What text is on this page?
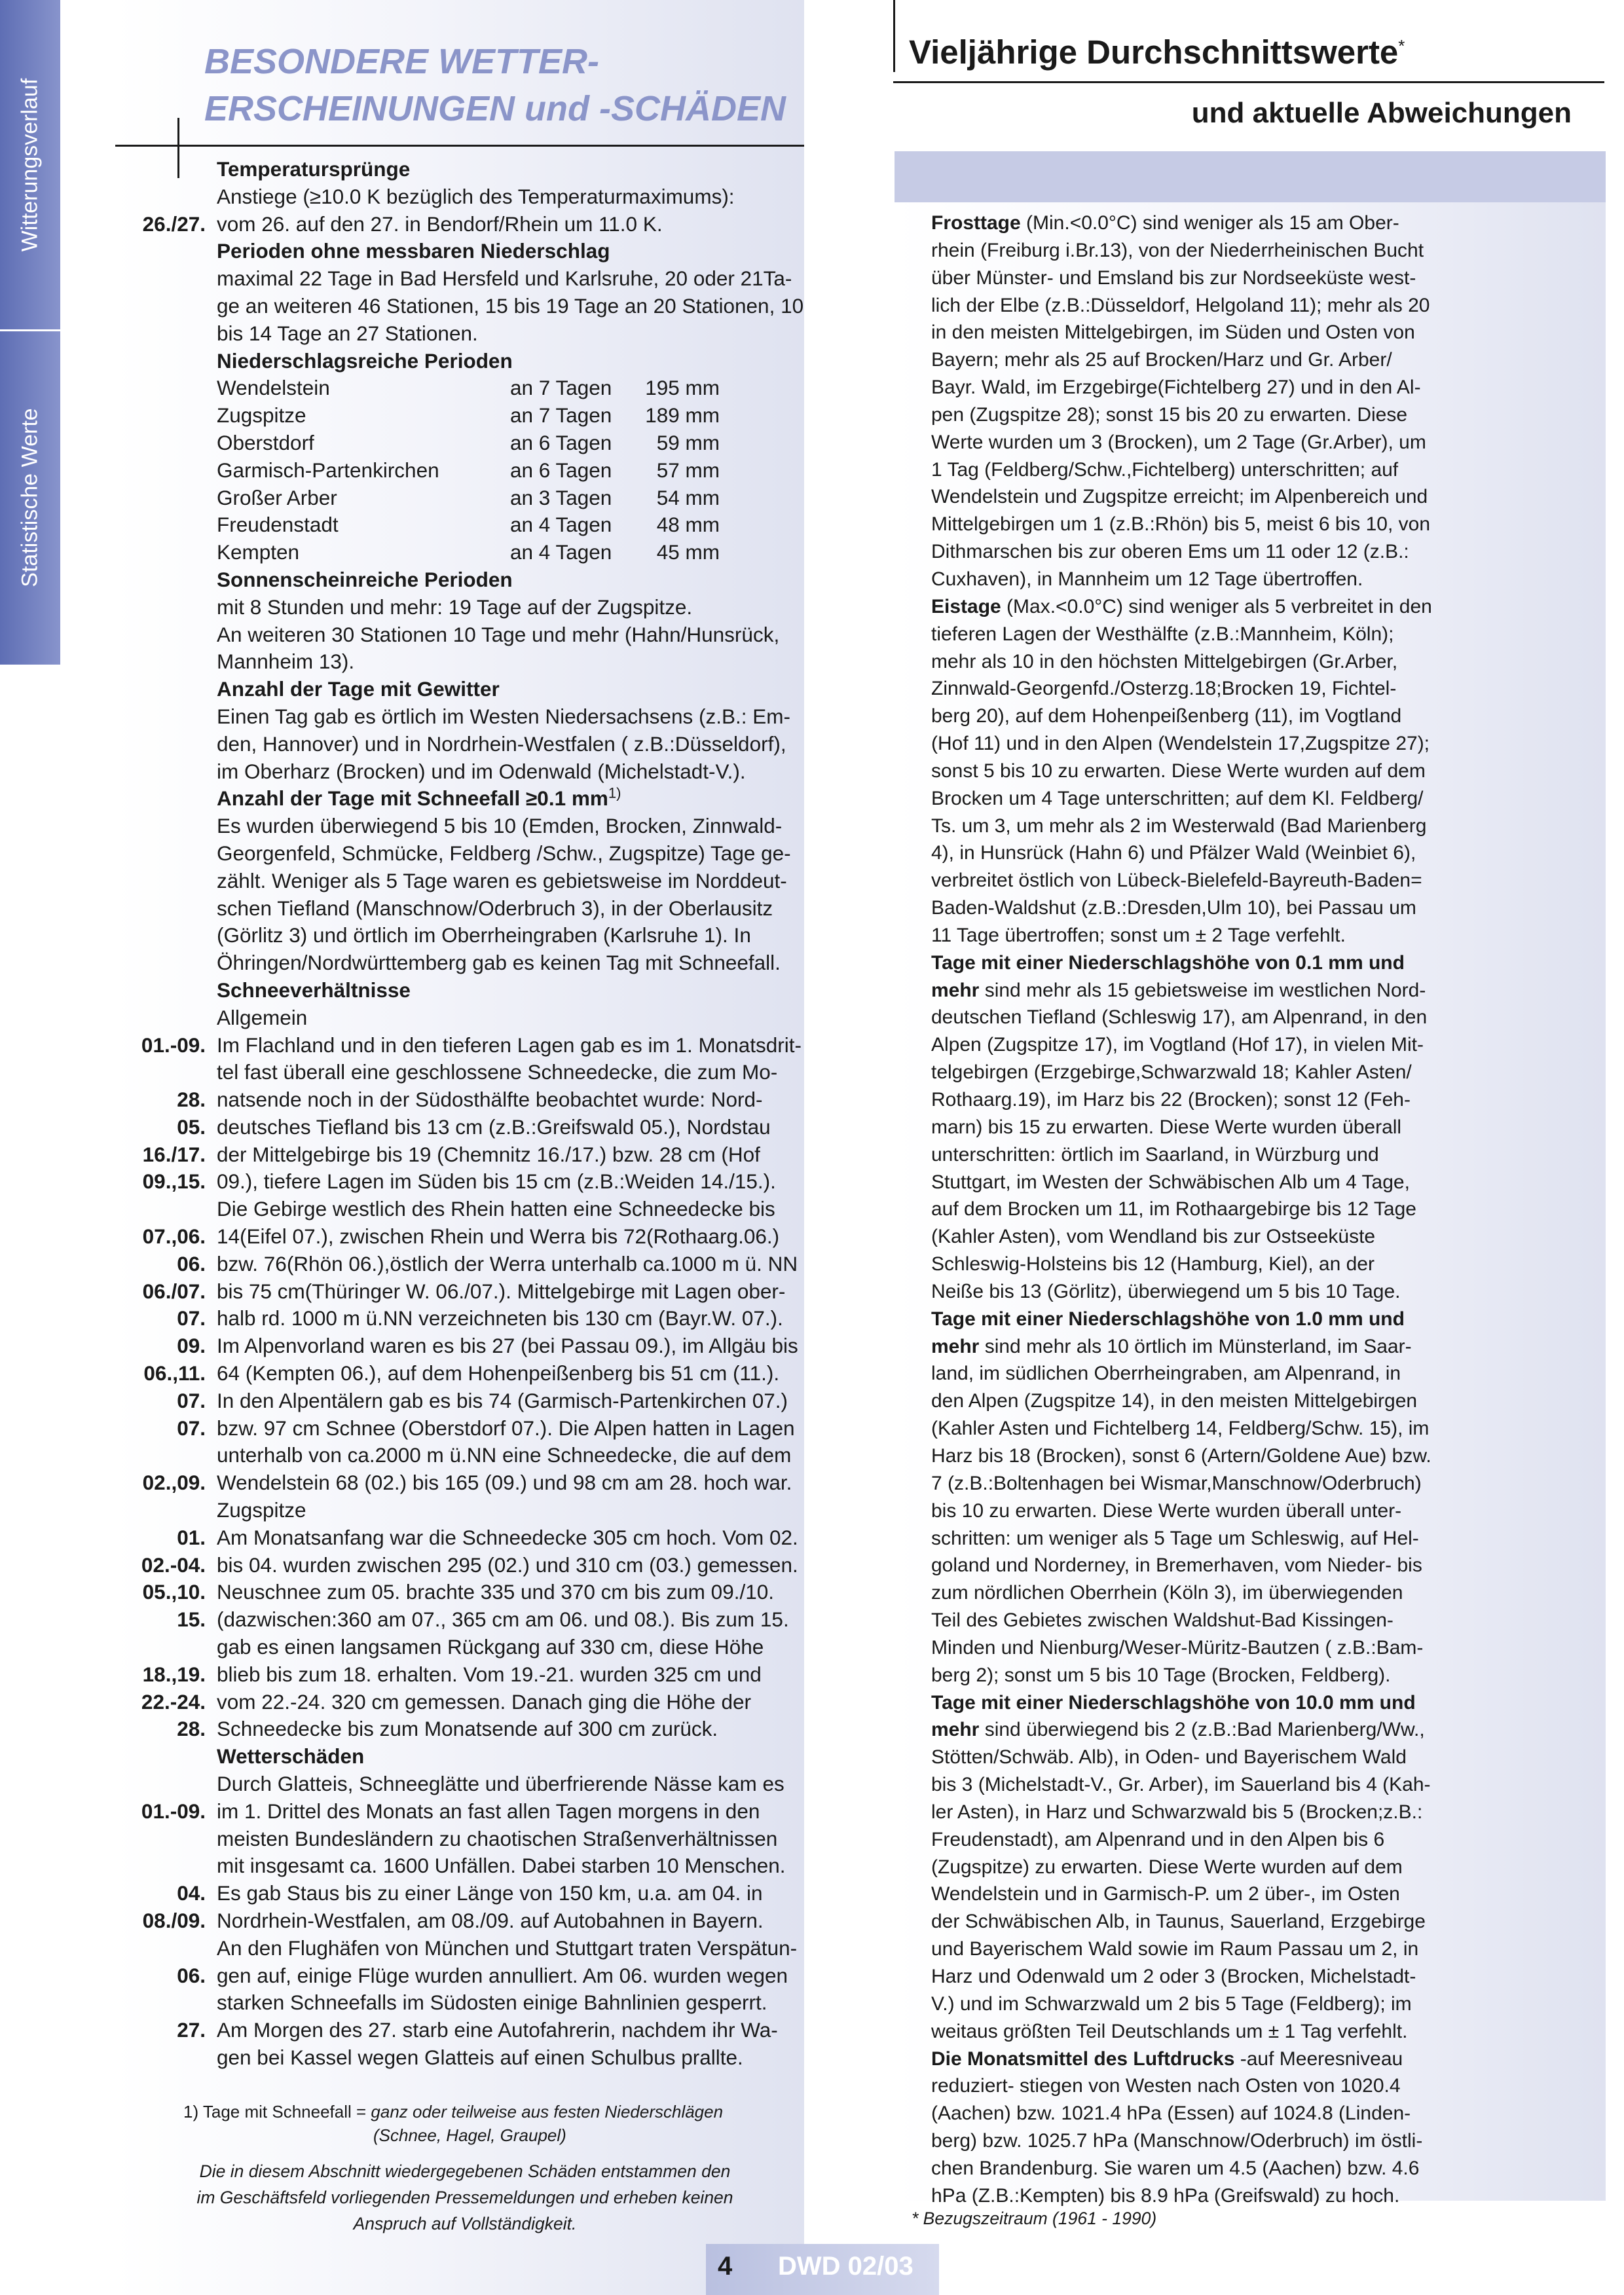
Witterungsverlauf
Statistische Werte
BESONDERE WETTER-
ERSCHEINUNGEN und -SCHÄDEN
Temperatursprünge
Anstiege (≥10.0 K bezüglich des Temperaturmaximums):
26./27. vom 26. auf den 27. in Bendorf/Rhein um 11.0 K.
Perioden ohne messbaren Niederschlag
maximal 22 Tage in Bad Hersfeld und Karlsruhe, 20 oder 21Ta-
ge an weiteren 46 Stationen, 15 bis 19 Tage an 20 Stationen, 10
bis 14 Tage an 27 Stationen.
Niederschlagsreiche Perioden
Wendelstein	an 7 Tagen 195 mm
Zugspitze	an 7 Tagen 189 mm
Oberstdorf	an 6 Tagen 59 mm
Garmisch-Partenkirchen	an 6 Tagen 57 mm
Großer Arber	an 3 Tagen 54 mm
Freudenstadt	an 4 Tagen 48 mm
Kempten	an 4 Tagen 45 mm
Sonnenscheinreiche Perioden
mit 8 Stunden und mehr: 19 Tage auf der Zugspitze.
An weiteren 30 Stationen 10 Tage und mehr (Hahn/Hunsrück,
Mannheim 13).
Anzahl der Tage mit Gewitter
Einen Tag gab es örtlich im Westen Niedersachsens (z.B.: Em-
den, Hannover) und in Nordrhein-Westfalen ( z.B.:Düsseldorf),
im Oberharz (Brocken) und im Odenwald (Michelstadt-V.).
Anzahl der Tage mit Schneefall ≥0.1 $mm^{1)}$
Es wurden überwiegend 5 bis 10 (Emden, Brocken, Zinnwald-
Georgenfeld, Schmücke, Feldberg /Schw., Zugspitze) Tage ge-
zählt. Weniger als 5 Tage waren es gebietsweise im Norddeut-
schen Tiefland (Manschnow/Oderbruch 3), in der Oberlausitz
(Görlitz 3) und örtlich im Oberrheingraben (Karlsruhe 1). In
Öhringen/Nordwürttemberg gab es keinen Tag mit Schneefall.
Schneeverhältnisse
Allgemein
01.-09. Im Flachland und in den tieferen Lagen gab es im 1. Monatsdrit-
tel fast überall eine geschlossene Schneedecke, die zum Mo-
28. natsende noch in der Südosthälfte beobachtet wurde: Nord-
05. deutsches Tiefland bis 13 cm (z.B.:Greifswald 05.), Nordstau
16./17. der Mittelgebirge bis 19 (Chemnitz 16./17.) bzw. 28 cm (Hof
09.,15. 09.), tiefere Lagen im Süden bis 15 cm (z.B.:Weiden 14./15.).
Die Gebirge westlich des Rhein hatten eine Schneedecke bis
07.,06. 14(Eifel 07.), zwischen Rhein und Werra bis 72(Rothaarg.06.)
06. bzw. 76(Rhön 06.),östlich der Werra unterhalb ca.1000 m ü. NN
06./07. bis 75 cm(Thüringer W. 06./07.). Mittelgebirge mit Lagen ober-
07. halb rd. 1000 m ü.NN verzeichneten bis 130 cm (Bayr.W. 07.).
09. Im Alpenvorland waren es bis 27 (bei Passau 09.), im Allgäu bis
06.,11. 64 (Kempten 06.), auf dem Hohenpeißenberg bis 51 cm (11.).
07. In den Alpentälern gab es bis 74 (Garmisch-Partenkirchen 07.)
07. bzw. 97 cm Schnee (Oberstdorf 07.). Die Alpen hatten in Lagen
unterhalb von ca.2000 m ü.NN eine Schneedecke, die auf dem
02.,09. Wendelstein 68 (02.) bis 165 (09.) und 98 cm am 28. hoch war.
Zugspitze
01. Am Monatsanfang war die Schneedecke 305 cm hoch. Vom 02.
02.-04. bis 04. wurden zwischen 295 (02.) und 310 cm (03.) gemessen.
05.,10. Neuschnee zum 05. brachte 335 und 370 cm bis zum 09./10.
15. (dazwischen:360 am 07., 365 cm am 06. und 08.). Bis zum 15.
gab es einen langsamen Rückgang auf 330 cm, diese Höhe
18.,19. blieb bis zum 18. erhalten. Vom 19.-21. wurden 325 cm und
22.-24. vom 22.-24. 320 cm gemessen. Danach ging die Höhe der
28. Schneedecke bis zum Monatsende auf 300 cm zurück.
Wetterschäden
Durch Glatteis, Schneeglätte und überfrierende Nässe kam es
01.-09. im 1. Drittel des Monats an fast allen Tagen morgens in den
meisten Bundesländern zu chaotischen Straßenverhältnissen
mit insgesamt ca. 1600 Unfällen. Dabei starben 10 Menschen.
04. Es gab Staus bis zu einer Länge von 150 km, u.a. am 04. in
08./09. Nordrhein-Westfalen, am 08./09. auf Autobahnen in Bayern.
An den Flughäfen von München und Stuttgart traten Verspätun-
06. gen auf, einige Flüge wurden annulliert. Am 06. wurden wegen
starken Schneefalls im Südosten einige Bahnlinien gesperrt.
27. Am Morgen des 27. starb eine Autofahrerin, nachdem ihr Wa-
gen bei Kassel wegen Glatteis auf einen Schulbus prallte.
1) Tage mit Schneefall = ganz oder teilweise aus festen Niederschlägen
(Schnee, Hagel, Graupel)
Die in diesem Abschnitt wiedergegebenen Schäden entstammen den
im Geschäftsfeld vorliegenden Pressemeldungen und erheben keinen
Anspruch auf Vollständigkeit.
Vieljährige Durchschnittswerte*
und aktuelle Abweichungen
Frosttage (Min.<0.0°C) sind weniger als 15 am Ober-
rhein (Freiburg i.Br.13), von der Niederrheinischen Bucht
über Münster- und Emsland bis zur Nordseeküste west-
lich der Elbe (z.B.:Düsseldorf, Helgoland 11); mehr als 20
in den meisten Mittelgebirgen, im Süden und Osten von
Bayern; mehr als 25 auf Brocken/Harz und Gr. Arber/
Bayr. Wald, im Erzgebirge(Fichtelberg 27) und in den Al-
pen (Zugspitze 28); sonst 15 bis 20 zu erwarten. Diese
Werte wurden um 3 (Brocken), um 2 Tage (Gr.Arber), um
1 Tag (Feldberg/Schw.,Fichtelberg) unterschritten; auf
Wendelstein und Zugspitze erreicht; im Alpenbereich und
Mittelgebirgen um 1 (z.B.:Rhön) bis 5, meist 6 bis 10, von
Dithmarschen bis zur oberen Ems um 11 oder 12 (z.B.:
Cuxhaven), in Mannheim um 12 Tage übertroffen.
Eistage (Max.<0.0°C) sind weniger als 5 verbreitet in den
tieferen Lagen der Westhälfte (z.B.:Mannheim, Köln);
mehr als 10 in den höchsten Mittelgebirgen (Gr.Arber,
Zinnwald-Georgenfd./Osterzg.18;Brocken 19, Fichtel-
berg 20), auf dem Hohenpeißenberg (11), im Vogtland
(Hof 11) und in den Alpen (Wendelstein 17,Zugspitze 27);
sonst 5 bis 10 zu erwarten. Diese Werte wurden auf dem
Brocken um 4 Tage unterschritten; auf dem Kl. Feldberg/
Ts. um 3, um mehr als 2 im Westerwald (Bad Marienberg
4), in Hunsrück (Hahn 6) und Pfälzer Wald (Weinbiet 6),
verbreitet östlich von Lübeck-Bielefeld-Bayreuth-Baden=
Baden-Waldshut (z.B.:Dresden,Ulm 10), bei Passau um
11 Tage übertroffen; sonst um ± 2 Tage verfehlt.
Tage mit einer Niederschlagshöhe von 0.1 mm und
mehr sind mehr als 15 gebietsweise im westlichen Nord-
deutschen Tiefland (Schleswig 17), am Alpenrand, in den
Alpen (Zugspitze 17), im Vogtland (Hof 17), in vielen Mit-
telgebirgen (Erzgebirge,Schwarzwald 18; Kahler Asten/
Rothaarg.19), im Harz bis 22 (Brocken); sonst 12 (Feh-
marn) bis 15 zu erwarten. Diese Werte wurden überall
unterschritten: örtlich im Saarland, in Würzburg und
Stuttgart, im Westen der Schwäbischen Alb um 4 Tage,
auf dem Brocken um 11, im Rothaargebirge bis 12 Tage
(Kahler Asten), vom Wendland bis zur Ostseeküste
Schleswig-Holsteins bis 12 (Hamburg, Kiel), an der
Neiße bis 13 (Görlitz), überwiegend um 5 bis 10 Tage.
Tage mit einer Niederschlagshöhe von 1.0 mm und
mehr sind mehr als 10 örtlich im Münsterland, im Saar-
land, im südlichen Oberrheingraben, am Alpenrand, in
den Alpen (Zugspitze 14), in den meisten Mittelgebirgen
(Kahler Asten und Fichtelberg 14, Feldberg/Schw. 15), im
Harz bis 18 (Brocken), sonst 6 (Artern/Goldene Aue) bzw.
7 (z.B.:Boltenhagen bei Wismar,Manschnow/Oderbruch)
bis 10 zu erwarten. Diese Werte wurden überall unter-
schritten: um weniger als 5 Tage um Schleswig, auf Hel-
goland und Norderney, in Bremerhaven, vom Nieder- bis
zum nördlichen Oberrhein (Köln 3), im überwiegenden
Teil des Gebietes zwischen Waldshut-Bad Kissingen-
Minden und Nienburg/Weser-Müritz-Bautzen ( z.B.:Bam-
berg 2); sonst um 5 bis 10 Tage (Brocken, Feldberg).
Tage mit einer Niederschlagshöhe von 10.0 mm und
mehr sind überwiegend bis 2 (z.B.:Bad Marienberg/Ww.,
Stötten/Schwäb. Alb), in Oden- und Bayerischem Wald
bis 3 (Michelstadt-V., Gr. Arber), im Sauerland bis 4 (Kah-
ler Asten), in Harz und Schwarzwald bis 5 (Brocken;z.B.:
Freudenstadt), am Alpenrand und in den Alpen bis 6
(Zugspitze) zu erwarten. Diese Werte wurden auf dem
Wendelstein und in Garmisch-P. um 2 über-, im Osten
der Schwäbischen Alb, in Taunus, Sauerland, Erzgebirge
und Bayerischem Wald sowie im Raum Passau um 2, in
Harz und Odenwald um 2 oder 3 (Brocken, Michelstadt-
V.) und im Schwarzwald um 2 bis 5 Tage (Feldberg); im
weitaus größten Teil Deutschlands um ± 1 Tag verfehlt.
Die Monatsmittel des Luftdrucks -auf Meeresniveau
reduziert- stiegen von Westen nach Osten von 1020.4
(Aachen) bzw. 1021.4 hPa (Essen) auf 1024.8 (Linden-
berg) bzw. 1025.7 hPa (Manschnow/Oderbruch) im östli-
chen Brandenburg. Sie waren um 4.5 (Aachen) bzw. 4.6
hPa (Z.B.:Kempten) bis 8.9 hPa (Greifswald) zu hoch.
* Bezugszeitraum (1961 - 1990)
4 DWD 02/03
